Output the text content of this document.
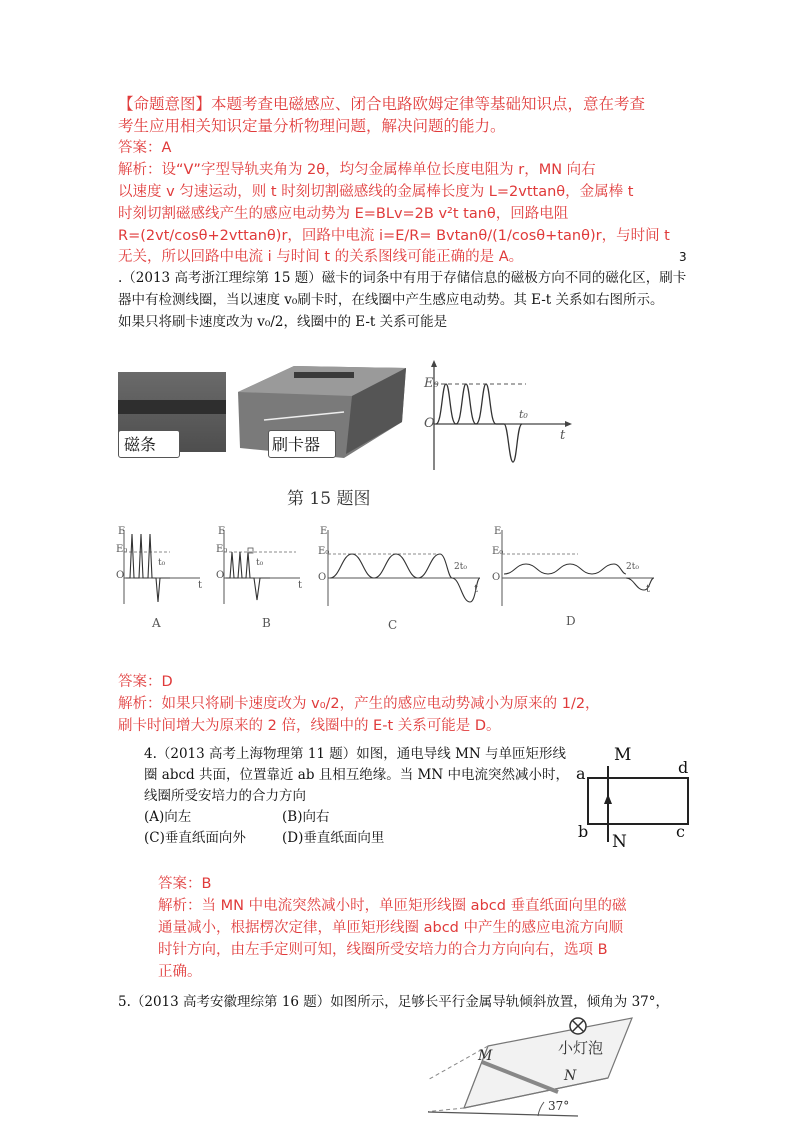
【命题意图】本题考查电磁感应、闭合电路欧姆定律等基础知识点，意在考查
考生应用相关知识定量分析物理问题，解决问题的能力。
答案：A
解析：设“V”字型导轨夹角为 2θ，均匀金属棒单位长度电阻为 r，MN 向右
以速度 v 匀速运动，则 t 时刻切割磁感线的金属棒长度为 L=2vttanθ，金属棒 t
时刻切割磁感线产生的感应电动势为 E=BLv=2B v²t tanθ，回路电阻
R=(2vt/cosθ+2vttanθ)r，回路中电流 i=E/R= Bvtanθ/(1/cosθ+tanθ)r，与时间 t
无关，所以回路中电流 i 与时间 t 的关系图线可能正确的是 A。	3
.（2013 高考浙江理综第 15 题）磁卡的词条中有用于存储信息的磁极方向不同的磁化区，刷卡
器中有检测线圈，当以速度 v₀刷卡时，在线圈中产生感应电动势。其 E-t 关系如右图所示。
如果只将刷卡速度改为 v₀/2，线圈中的 E-t 关系可能是
磁条	刷卡器
E₀
O
t₀
t
第 15 题图
E
E₀
O
t₀
t
A
E
E₀
O
t₀
t
B
E
E₀
O
2t₀
t
C
E
E₀
O
2t₀
t
D
答案：D
解析：如果只将刷卡速度改为 v₀/2，产生的感应电动势减小为原来的 1/2，
刷卡时间增大为原来的 2 倍，线圈中的 E-t 关系可能是 D。
4.（2013 高考上海物理第 11 题）如图，通电导线 MN 与单匝矩形线
圈 abcd 共面，位置靠近 ab 且相互绝缘。当 MN 中电流突然减小时，
线圈所受安培力的合力方向
(A)向左	(B)向右
(C)垂直纸面向外	(D)垂直纸面向里
M
a	d
b	c
N
答案：B
解析：当 MN 中电流突然减小时，单匝矩形线圈 abcd 垂直纸面向里的磁
通量减小，根据楞次定律，单匝矩形线圈 abcd 中产生的感应电流方向顺
时针方向，由左手定则可知，线圈所受安培力的合力方向向右，选项 B
正确。
5.（2013 高考安徽理综第 16 题）如图所示，足够长平行金属导轨倾斜放置，倾角为 37°，
小灯泡
M
N
37°
